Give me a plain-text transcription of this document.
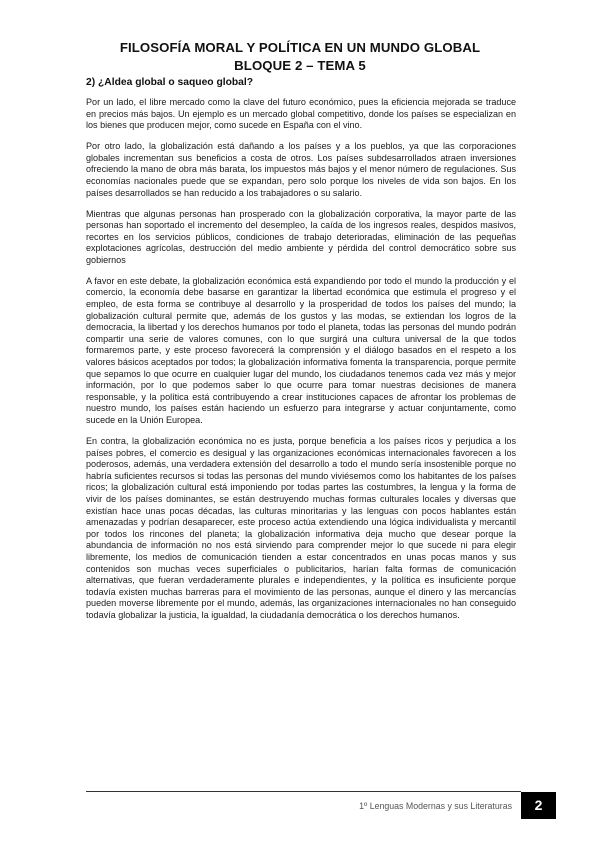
FILOSOFÍA MORAL Y POLÍTICA EN UN MUNDO GLOBAL
BLOQUE 2 – TEMA 5
2) ¿Aldea global o saqueo global?

Por un lado, el libre mercado como la clave del futuro económico, pues la eficiencia mejorada se traduce en precios más bajos. Un ejemplo es un mercado global competitivo, donde los países se especializan en los bienes que producen mejor, como sucede en España con el vino.

Por otro lado, la globalización está dañando a los países y a los pueblos, ya que las corporaciones globales incrementan sus beneficios a costa de otros. Los países subdesarrollados atraen inversiones ofreciendo la mano de obra más barata, los impuestos más bajos y el menor número de regulaciones. Sus economías nacionales puede que se expandan, pero solo porque los niveles de vida son bajos. En los países desarrollados se han reducido a los trabajadores o su salario.

Mientras que algunas personas han prosperado con la globalización corporativa, la mayor parte de las personas han soportado el incremento del desempleo, la caída de los ingresos reales, despidos masivos, recortes en los servicios públicos, condiciones de trabajo deterioradas, eliminación de las pequeñas explotaciones agrícolas, destrucción del medio ambiente y pérdida del control democrático sobre sus gobiernos

A favor en este debate, la globalización económica está expandiendo por todo el mundo la producción y el comercio, la economía debe basarse en garantizar la libertad económica que estimula el progreso y el empleo, de esta forma se contribuye al desarrollo y la prosperidad de todos los países del mundo; la globalización cultural permite que, además de los gustos y las modas, se extiendan los logros de la democracia, la libertad y los derechos humanos por todo el planeta, todas las personas del mundo podrán compartir una serie de valores comunes, con lo que surgirá una cultura universal de la que todos formaremos parte, y este proceso favorecerá la comprensión y el diálogo basados en el respeto a los valores básicos aceptados por todos; la globalización informativa fomenta la transparencia, porque permite que sepamos lo que ocurre en cualquier lugar del mundo, los ciudadanos tenemos cada vez más y mejor información, por lo que podemos saber lo que ocurre para tomar nuestras decisiones de manera responsable, y la política está contribuyendo a crear instituciones capaces de afrontar los problemas de nuestro mundo, los países están haciendo un esfuerzo para integrarse y actuar conjuntamente, como sucede en la Unión Europea.

En contra, la globalización económica no es justa, porque beneficia a los países ricos y perjudica a los países pobres, el comercio es desigual y las organizaciones económicas internacionales favorecen a los poderosos, además, una verdadera extensión del desarrollo a todo el mundo sería insostenible porque no habría suficientes recursos si todas las personas del mundo viviésemos como los habitantes de los países ricos; la globalización cultural está imponiendo por todas partes las costumbres, la lengua y la forma de vivir de los países dominantes, se están destruyendo muchas formas culturales locales y diversas que existían hace unas pocas décadas, las culturas minoritarias y las lenguas con pocos hablantes están amenazadas y podrían desaparecer, este proceso actúa extendiendo una lógica individualista y mercantil por todos los rincones del planeta; la globalización informativa deja mucho que desear porque la abundancia de información no nos está sirviendo para comprender mejor lo que sucede ni para elegir libremente, los medios de comunicación tienden a estar concentrados en unas pocas manos y sus contenidos son muchas veces superficiales o publicitarios, harían falta formas de comunicación alternativas, que fueran verdaderamente plurales e independientes, y la política es insuficiente porque todavía existen muchas barreras para el movimiento de las personas, aunque el dinero y las mercancías pueden moverse libremente por el mundo, además, las organizaciones internacionales no han conseguido todavía globalizar la justicia, la igualdad, la ciudadanía democrática o los derechos humanos.

1º Lenguas Modernas y sus Literaturas	2
